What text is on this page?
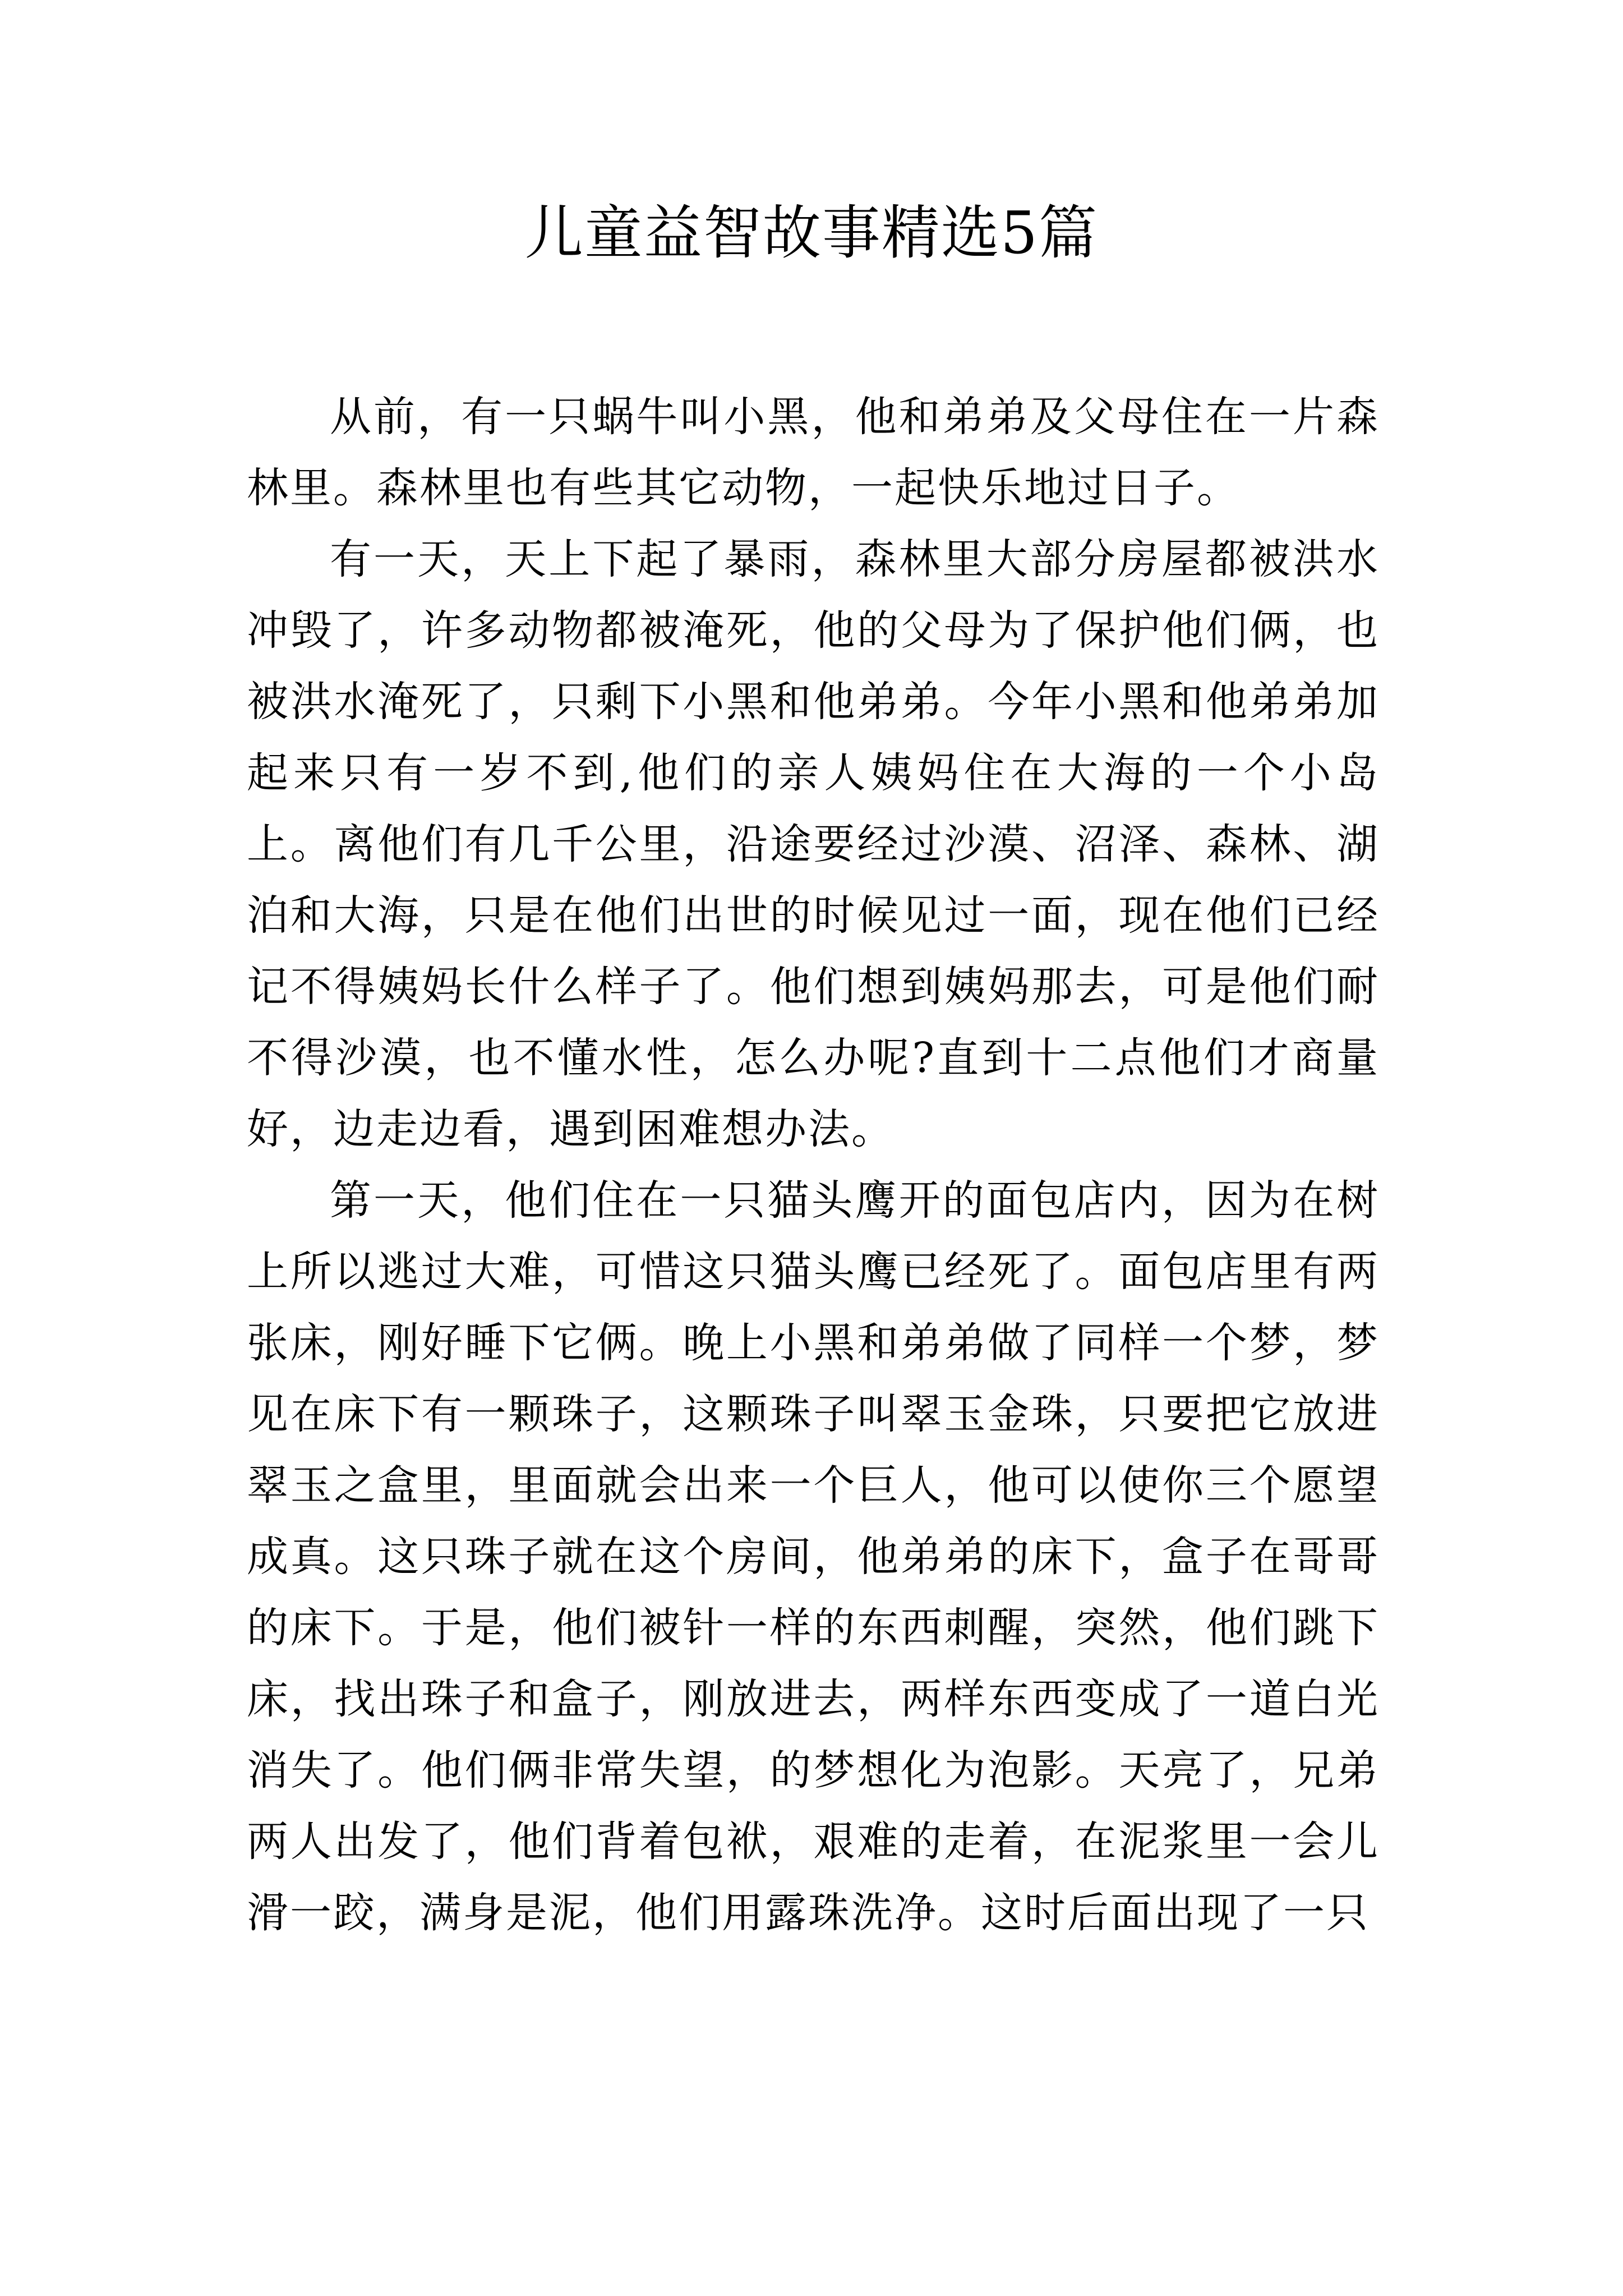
儿童益智故事精选5篇

从前，有一只蜗牛叫小黑，他和弟弟及父母住在一片森林里。森林里也有些其它动物，一起快乐地过日子。

有一天，天上下起了暴雨，森林里大部分房屋都被洪水冲毁了，许多动物都被淹死，他的父母为了保护他们俩，也被洪水淹死了，只剩下小黑和他弟弟。今年小黑和他弟弟加起来只有一岁不到,他们的亲人姨妈住在大海的一个小岛上。离他们有几千公里，沿途要经过沙漠、沼泽、森林、湖泊和大海，只是在他们出世的时候见过一面，现在他们已经记不得姨妈长什么样子了。他们想到姨妈那去，可是他们耐不得沙漠，也不懂水性，怎么办呢?直到十二点他们才商量好，边走边看，遇到困难想办法。

第一天，他们住在一只猫头鹰开的面包店内，因为在树上所以逃过大难，可惜这只猫头鹰已经死了。面包店里有两张床，刚好睡下它俩。晚上小黑和弟弟做了同样一个梦，梦见在床下有一颗珠子，这颗珠子叫翠玉金珠，只要把它放进翠玉之盒里，里面就会出来一个巨人，他可以使你三个愿望成真。这只珠子就在这个房间，他弟弟的床下，盒子在哥哥的床下。于是，他们被针一样的东西刺醒，突然，他们跳下床，找出珠子和盒子，刚放进去，两样东西变成了一道白光消失了。他们俩非常失望，的梦想化为泡影。天亮了，兄弟两人出发了，他们背着包袱，艰难的走着，在泥浆里一会儿滑一跤，满身是泥，他们用露珠洗净。这时后面出现了一只
